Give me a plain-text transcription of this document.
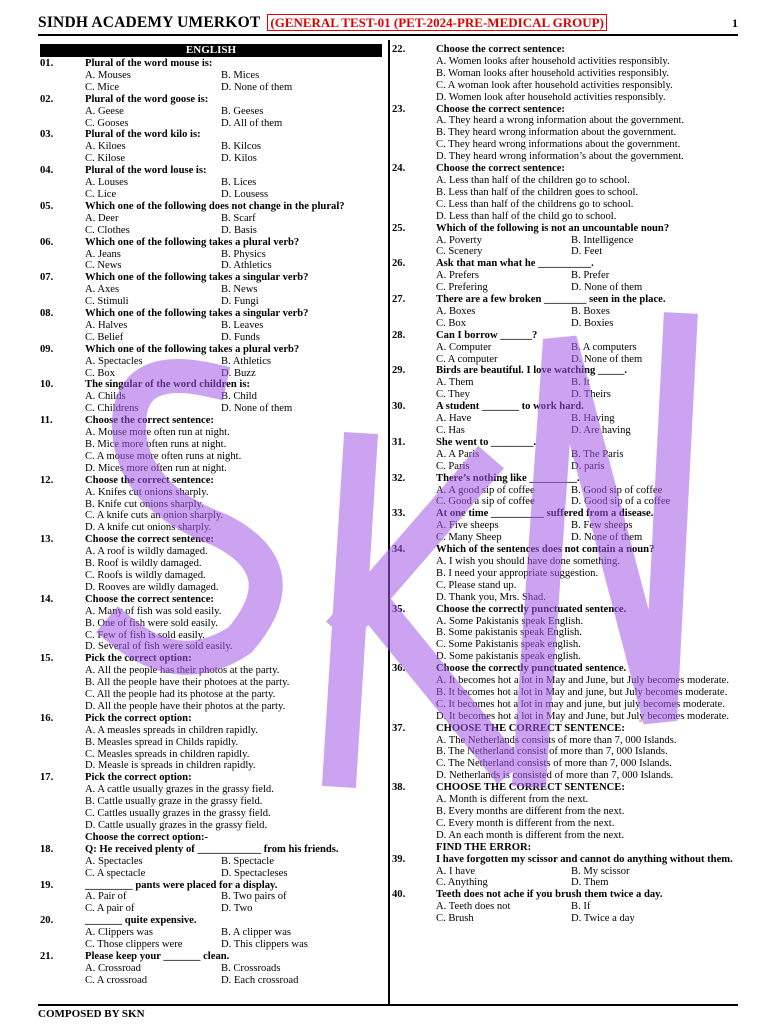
SINDH ACADEMY UMERKOT (GENERAL TEST-01 (PET-2024-PRE-MEDICAL GROUP)	1
ENGLISH
01.	Plural of the word mouse is:
A. Mouses	B. Mices
C. Mice	D. None of them
02.	Plural of the word goose is:
A. Geese	B. Geeses
C. Gooses	D. All of them
03.	Plural of the word kilo is:
A. Kiloes	B. Kilcos
C. Kilose	D. Kilos
04.	Plural of the word louse is:
A. Louses	B. Lices
C. Lice	D. Lousess
05.	Which one of the following does not change in the plural?
A. Deer	B. Scarf
C. Clothes	D. Basis
06.	Which one of the following takes a plural verb?
A. Jeans	B. Physics
C. News	D. Athletics
07.	Which one of the following takes a singular verb?
A. Axes	B. News
C. Stimuli	D. Fungi
08.	Which one of the following takes a singular verb?
A. Halves	B. Leaves
C. Belief	D. Funds
09.	Which one of the following takes a plural verb?
A. Spectacles	B. Athletics
C. Box	D. Buzz
10.	The singular of the word children is:
A. Childs	B. Child
C. Childrens	D. None of them
11.	Choose the correct sentence:
A. Mouse more often run at night.
B. Mice more often runs at night.
C. A mouse more often runs at night.
D. Mices more often run at night.
12.	Choose the correct sentence:
A. Knifes cut onions sharply.
B. Knife cut onions sharply.
C. A knife cuts an onion sharply.
D. A knife cut onions sharply.
13.	Choose the correct sentence:
A. A roof is wildly damaged.
B. Roof is wildly damaged.
C. Roofs is wildly damaged.
D. Rooves are wildly damaged.
14.	Choose the correct sentence:
A. Many of fish was sold easily.
B. One of fish were sold easily.
C. Few of fish is sold easily.
D. Several of fish were sold easily.
15.	Pick the correct option:
A. All the people has their photos at the party.
B. All the people have their photoes at the party.
C. All the people had its photose at the party.
D. All the people have their photos at the party.
16.	Pick the correct option:
A. A measles spreads in children rapidly.
B. Measles spread in Childs rapidly.
C. Measles spreads in children rapidly.
D. Measle is spreads in children rapidly.
17.	Pick the correct option:
A. A cattle usually grazes in the grassy field.
B. Cattle usually graze in the grassy field.
C. Cattles usually grazes in the grassy field.
D. Cattle usually grazes in the grassy field.
Choose the correct option:-
18.	Q: He received plenty of ____________ from his friends.
A. Spectacles	B. Spectacle
C. A spectacle	D. Spectacleses
19.	_________ pants were placed for a display.
A. Pair of	B. Two pairs of
C. A pair of	D. Two
20.	_______ quite expensive.
A. Clippers was	B. A clipper was
C. Those clippers were	D. This clippers was
21.	Please keep your _______ clean.
A. Crossroad	B. Crossroads
C. A crossroad	D. Each crossroad
22.	Choose the correct sentence:
A. Women looks after household activities responsibly.
B. Woman looks after household activities responsibly.
C. A woman look after household activities responsibly.
D. Women look after household activities responsibly.
23.	Choose the correct sentence:
A. They heard a wrong information about the government.
B. They heard wrong information about the government.
C. They heard wrong informations about the government.
D. They heard wrong information’s about the government.
24.	Choose the correct sentence:
A. Less than half of the children go to school.
B. Less than half of the children goes to school.
C. Less than half of the childrens go to school.
D. Less than half of the child go to school.
25.	Which of the following is not an uncountable noun?
A. Poverty	B. Intelligence
C. Scenery	D. Feet
26.	Ask that man what he __________.
A. Prefers	B. Prefer
C. Prefering	D. None of them
27.	There are a few broken ________ seen in the place.
A. Boxes	B. Boxes
C. Box	D. Boxies
28.	Can I borrow ______?
A. Computer	B. A computers
C. A computer	D. None of them
29.	Birds are beautiful. I love watching _____.
A. Them	B. It
C. They	D. Theirs
30.	A student _______ to work hard.
A. Have	B. Having
C. Has	D. Are having
31.	She went to ________.
A. A Paris	B. The Paris
C. Paris	D. paris
32.	There’s nothing like _________.
A. A good sip of coffee	B. Good sip of coffee
C. Good a sip of coffee	D. Good sip of a coffee
33.	At one time __________ suffered from a disease.
A. Five sheeps	B. Few sheeps
C. Many Sheep	D. None of them
34.	Which of the sentences does not contain a noun?
A. I wish you should have done something.
B. I need your appropriate suggestion.
C. Please stand up.
D. Thank you, Mrs. Shad.
35.	Choose the correctly punctuated sentence.
A. Some Pakistanis speak English.
B. Some pakistanis speak English.
C. Some Pakistanis speak english.
D. Some pakistanis speak english.
36.	Choose the correctly punctuated sentence.
A. It becomes hot a lot in May and June, but July becomes moderate.
B. It becomes hot a lot in May and june, but July becomes moderate.
C. It becomes hot a lot in may and june, but july becomes moderate.
D. It becomes hot a lot in May and June, but July becomes moderate.
37.	CHOOSE THE CORRECT SENTENCE:
A. The Netherlands consists of more than 7, 000 Islands.
B. The Netherland consist of more than 7, 000 Islands.
C. The Netherland consists of more than 7, 000 Islands.
D. Netherlands is consisted of more than 7, 000 Islands.
38.	CHOOSE THE CORRECT SENTENCE:
A. Month is different from the next.
B. Every months are different from the next.
C. Every month is different from the next.
D. An each month is different from the next.
FIND THE ERROR:
39.	I have forgotten my scissor and cannot do anything without them.
A. I have	B. My scissor
C. Anything	D. Them
40.	Teeth does not ache if you brush them twice a day.
A. Teeth does not	B. If
C. Brush	D. Twice a day
COMPOSED BY SKN
